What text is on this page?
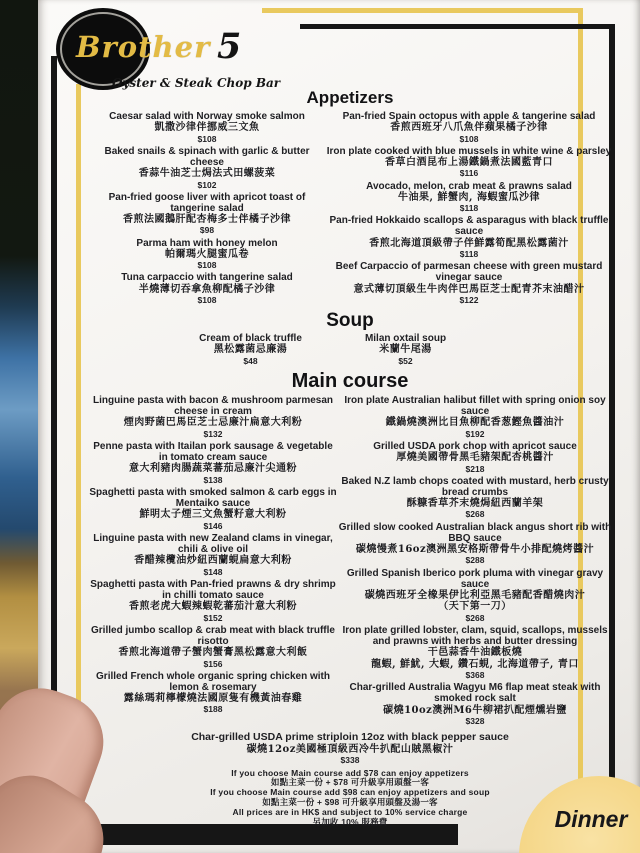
Brother 5
Oyster & Steak Chop Bar
Appetizers
Caesar salad with Norway smoke salmon
凱撒沙律伴挪威三文魚
$108
Baked snails & spinach with garlic & butter cheese
香蒜牛油芝士焗法式田螺菠菜
$102
Pan-fried goose liver with apricot toast of tangerine salad
香煎法國鵝肝配杏梅多士伴橘子沙律
$98
Parma ham with honey melon
帕爾瑪火腿蜜瓜卷
$108
Tuna carpaccio with tangerine salad
半燒薄切吞拿魚柳配橘子沙律
$108
Pan-fried Spain octopus with apple & tangerine salad
香煎西班牙八爪魚伴蘋果橘子沙律
$108
Iron plate cooked with blue mussels in white wine & parsley
香草白酒昆布上湯鐵鍋煮法國藍青口
$116
Avocado, melon, crab meat & prawns salad
牛油果, 鮮蟹肉, 海蝦蜜瓜沙律
$118
Pan-fried Hokkaido scallops & asparagus with black truffle sauce
香煎北海道頂級帶子伴鮮露筍配黑松露菌汁
$118
Beef Carpaccio of parmesan cheese with green mustard vinegar sauce
意式薄切頂級生牛肉伴巴馬臣芝士配青芥末油醋汁
$122
Soup
Cream of black truffle
黑松露菌忌廉湯
$48
Milan oxtail soup
米蘭牛尾湯
$52
Main course
Linguine pasta with bacon & mushroom parmesan cheese in cream
煙肉野菌巴馬臣芝士忌廉汁扁意大利粉
$132
Penne pasta with Itailan pork sausage & vegetable in tomato cream sauce
意大利豬肉腸蔬菜蕃茄忌廉汁尖通粉
$138
Spaghetti pasta with smoked salmon & carb eggs in Mentaiko sauce
鮮明太子煙三文魚蟹籽意大利粉
$146
Linguine pasta with new Zealand clams in vinegar, chili & olive oil
香醋辣欖油炒紐西蘭蜆扁意大利粉
$148
Spaghetti pasta with Pan-fried prawns & dry shrimp in chilli tomato sauce
香煎老虎大蝦辣蝦乾蕃茄汁意大利粉
$152
Grilled jumbo scallop & crab meat with black truffle risotto
香煎北海道帶子蟹肉蟹膏黑松露意大利飯
$156
Grilled French whole organic spring chicken with lemon & rosemary
露絲瑪莉檸檬燒法國原隻有機黃油春雞
$188
Iron plate Australian halibut fillet with spring onion soy sauce
鐵鍋燒澳洲比目魚柳配香葱鰹魚醬油汁
$192
Grilled USDA pork chop with apricot sauce
厚燒美國帶骨黑毛豬架配杏桃醬汁
$218
Baked N.Z lamb chops coated with mustard, herb crusty bread crumbs
酥糠香草芥末燒焗紐西蘭羊架
$268
Grilled slow cooked Australian black angus short rib with BBQ sauce
碳燒慢煮16oz澳洲黑安格斯帶骨牛小排配燒烤醬汁
$288
Grilled Spanish Iberico pork pluma with vinegar gravy sauce
碳燒西班牙全橡果伊比利亞黑毛豬配香醋燒肉汁
（天下第一刀）
$268
Iron plate grilled lobster, clam, squid, scallops, mussels and prawns with herbs and butter dressing
干邑蒜香牛油鐵板燒
龍蝦, 鮮魷, 大蝦, 鑽石蜆, 北海道帶子, 青口
$368
Char-grilled Australia Wagyu M6 flap meat steak with smoked rock salt
碳燒10oz澳洲M6牛柳裙扒配煙燻岩鹽
$328
Char-grilled USDA prime striploin 12oz with black pepper sauce
碳燒12oz美國極頂級西冷牛扒配山賊黑椒汁
$338
If you choose Main course add $78 can enjoy appetizers
如點主菜一份 + $78 可升級享用頭盤一客
If you choose Main course add $98 can enjoy appetizers and soup
如點主菜一份 + $98 可升級享用頭盤及湯一客
All prices are in HK$ and subject to 10% service charge
另加收 10% 服務費	Dinner
